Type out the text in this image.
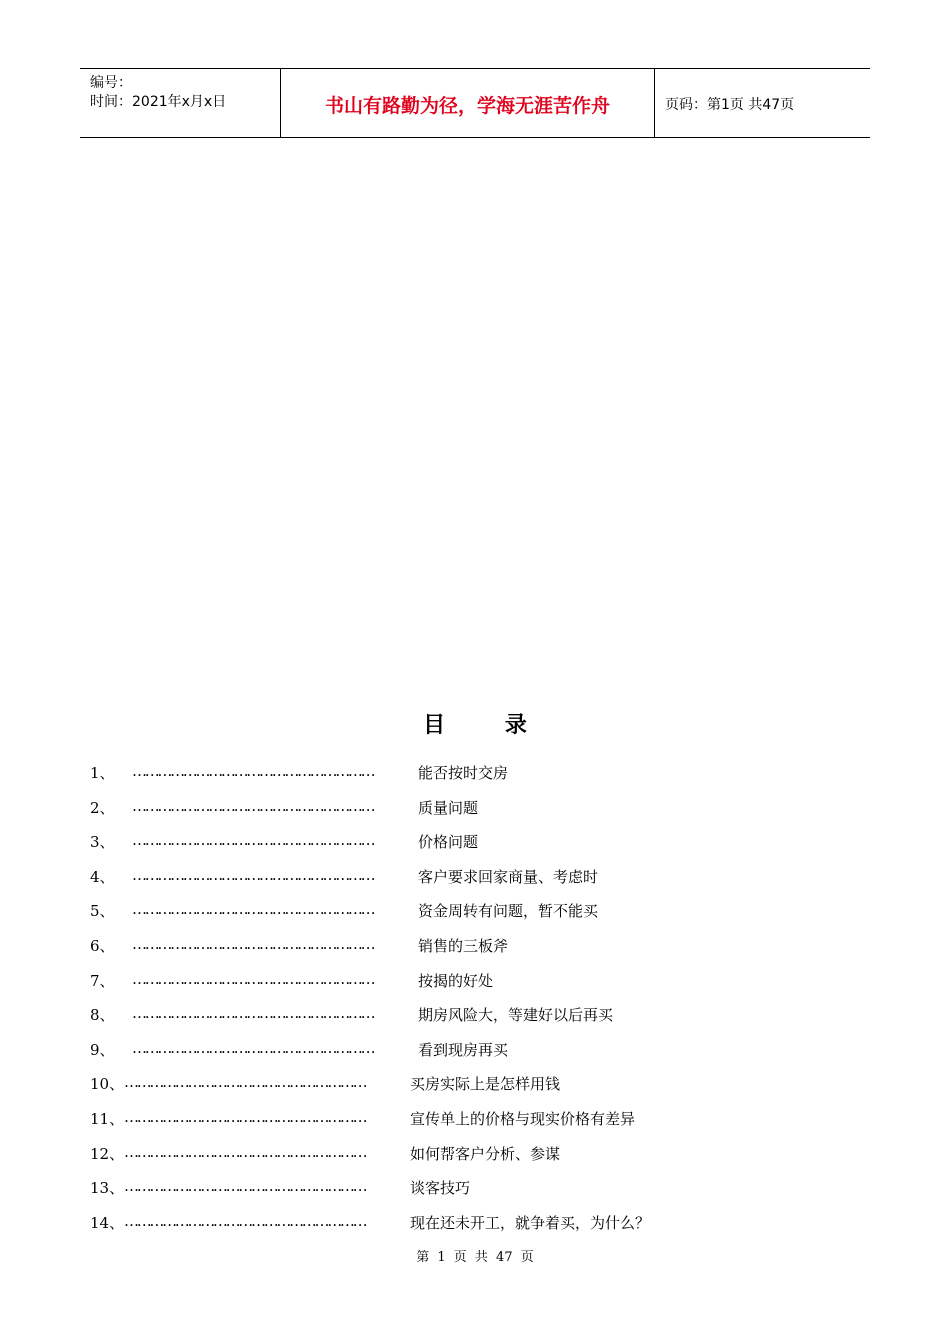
编号：
时间：2021年x月x日	书山有路勤为径，学海无涯苦作舟	页码：第1页 共47页
目 录
1、 …………………………………………………	能否按时交房
2、 …………………………………………………	质量问题
3、 …………………………………………………	价格问题
4、 …………………………………………………	客户要求回家商量、考虑时
5、 …………………………………………………	资金周转有问题，暂不能买
6、 …………………………………………………	销售的三板斧
7、 …………………………………………………	按揭的好处
8、 …………………………………………………	期房风险大，等建好以后再买
9、 …………………………………………………	看到现房再买
10、 …………………………………………………	买房实际上是怎样用钱
11、 …………………………………………………	宣传单上的价格与现实价格有差异
12、 …………………………………………………	如何帮客户分析、参谋
13、 …………………………………………………	谈客技巧
14、 …………………………………………………	现在还未开工，就争着买，为什么？
第 1 页 共 47 页
